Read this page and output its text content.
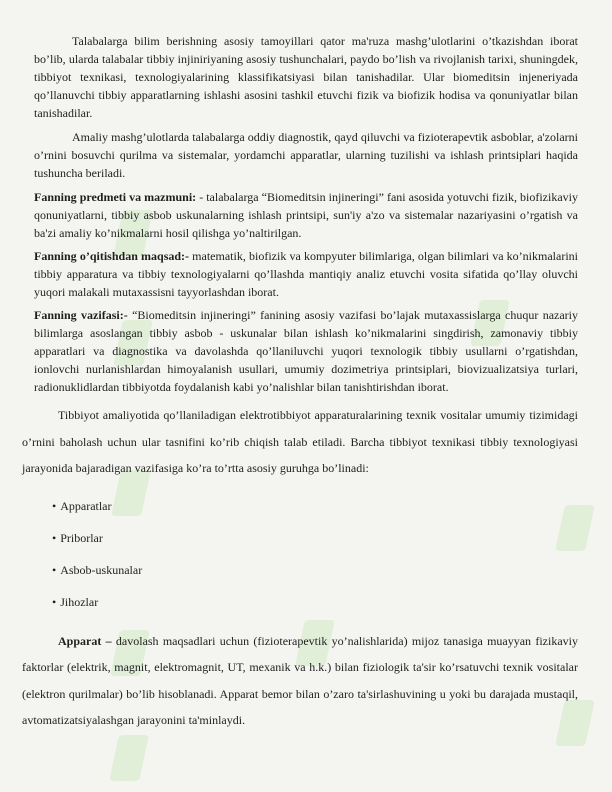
Talabalarga bilim berishning asosiy tamoyillari qator ma'ruza mashg’ulotlarini o’tkazishdan iborat bo’lib, ularda talabalar tibbiy injiniriyaning asosiy tushunchalari, paydo bo’lish va rivojlanish tarixi, shuningdek, tibbiyot texnikasi, texnologiyalarining klassifikatsiyasi bilan tanishadilar. Ular biomeditsin injeneriyada qo’llanuvchi tibbiy apparatlarning ishlashi asosini tashkil etuvchi fizik va biofizik hodisa va qonuniyatlar bilan tanishadilar.

Amaliy mashg’ulotlarda talabalarga oddiy diagnostik, qayd qiluvchi va fizioterapevtik asboblar, a'zolarni o’rnini bosuvchi qurilma va sistemalar, yordamchi apparatlar, ularning tuzilishi va ishlash printsiplari haqida tushuncha beriladi.

Fanning predmeti va mazmuni: - talabalarga “Biomeditsin injineringi” fani asosida yotuvchi fizik, biofizikaviy qonuniyatlarni, tibbiy asbob uskunalarning ishlash printsipi, sun'iy a'zo va sistemalar nazariyasini o’rgatish va ba'zi amaliy ko’nikmalarni hosil qilishga yo’naltirilgan.

Fanning o’qitishdan maqsad:- matematik, biofizik va kompyuter bilimlariga, olgan bilimlari va ko’nikmalarini tibbiy apparatura va tibbiy texnologiyalarni qo’llashda mantiqiy analiz etuvchi vosita sifatida qo’llay oluvchi yuqori malakali mutaxassisni tayyorlashdan iborat.

Fanning vazifasi:- “Biomeditsin injineringi” fanining asosiy vazifasi bo’lajak mutaxassislarga chuqur nazariy bilimlarga asoslangan tibbiy asbob - uskunalar bilan ishlash ko’nikmalarini singdirish, zamonaviy tibbiy apparatlari va diagnostika va davolashda qo’llaniluvchi yuqori texnologik tibbiy usullarni o’rgatishdan, ionlovchi nurlanishlardan himoyalanish usullari, umumiy dozimetriya printsiplari, biovizualizatsiya turlari, radionuklidlardan tibbiyotda foydalanish kabi yo’nalishlar bilan tanishtirishdan iborat.

Tibbiyot amaliyotida qo’llaniladigan elektrotibbiyot apparaturalarining texnik vositalar umumiy tizimidagi o’rnini baholash uchun ular tasnifini ko’rib chiqish talab etiladi. Barcha tibbiyot texnikasi tibbiy texnologiyasi jarayonida bajaradigan vazifasiga ko’ra to’rtta asosiy guruhga bo’linadi:

• Apparatlar
• Priborlar
• Asbob-uskunalar
• Jihozlar

Apparat – davolash maqsadlari uchun (fizioterapevtik yo’nalishlarida) mijoz tanasiga muayyan fizikaviy faktorlar (elektrik, magnit, elektromagnit, UT, mexanik va h.k.) bilan fiziologik ta'sir ko’rsatuvchi texnik vositalar (elektron qurilmalar) bo’lib hisoblanadi. Apparat bemor bilan o’zaro ta'sirlashuvining u yoki bu darajada mustaqil, avtomatizatsiyalashgan jarayonini ta'minlaydi.
